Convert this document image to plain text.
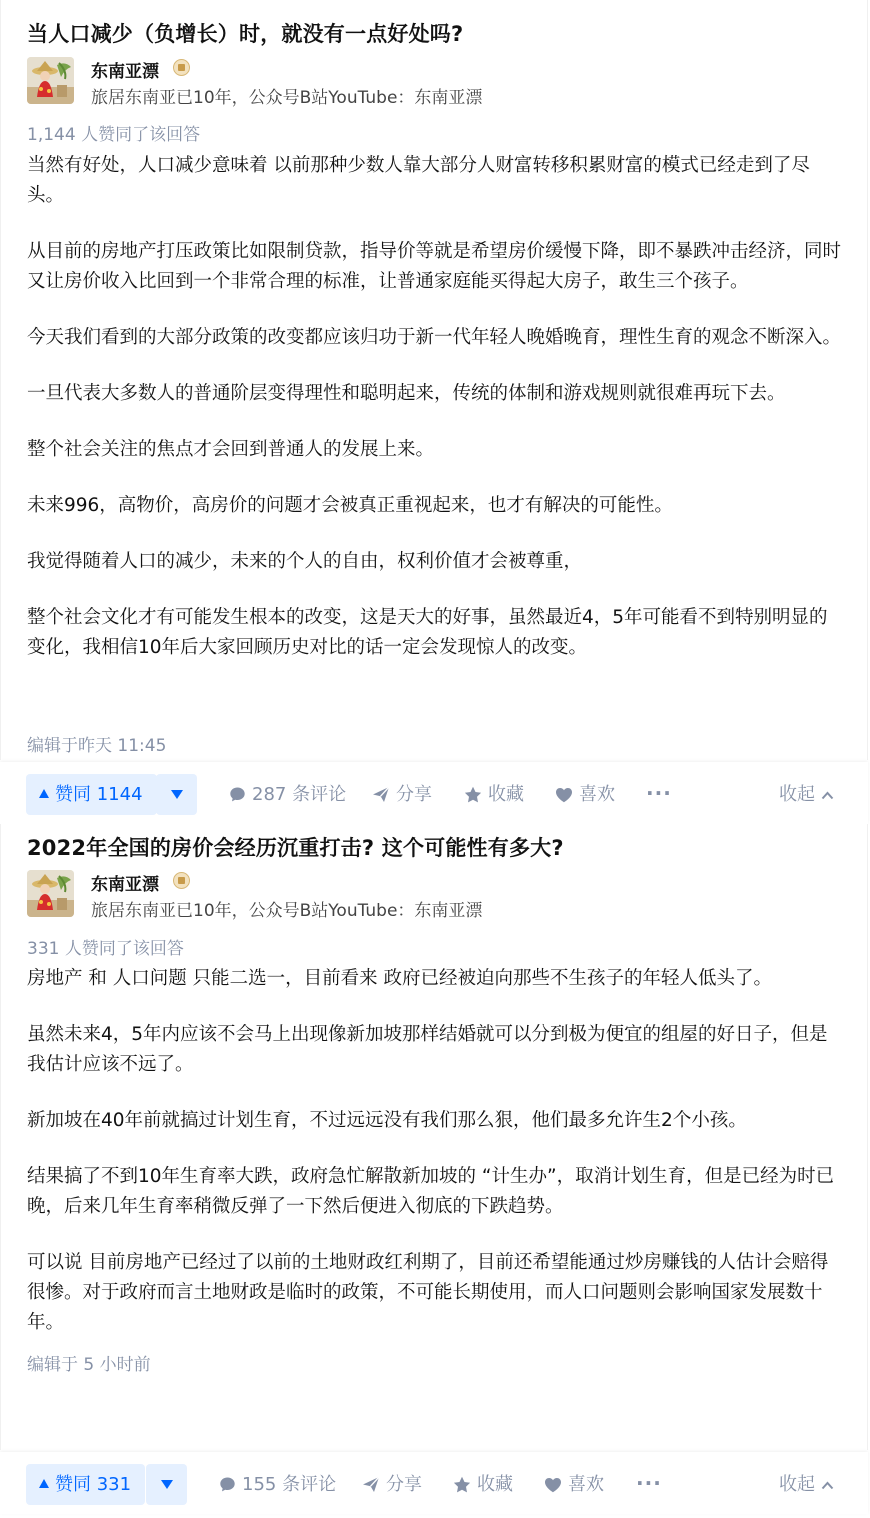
当人口减少（负增长）时，就没有一点好处吗?
东南亚漂
旅居东南亚已10年，公众号B站YouTube：东南亚漂
1,144 人赞同了该回答

当然有好处，人口减少意味着 以前那种少数人靠大部分人财富转移积累财富的模式已经走到了尽头。

从目前的房地产打压政策比如限制贷款，指导价等就是希望房价缓慢下降，即不暴跌冲击经济，同时又让房价收入比回到一个非常合理的标准，让普通家庭能买得起大房子，敢生三个孩子。

今天我们看到的大部分政策的改变都应该归功于新一代年轻人晚婚晚育，理性生育的观念不断深入。

一旦代表大多数人的普通阶层变得理性和聪明起来，传统的体制和游戏规则就很难再玩下去。

整个社会关注的焦点才会回到普通人的发展上来。

未来996，高物价，高房价的问题才会被真正重视起来，也才有解决的可能性。

我觉得随着人口的减少，未来的个人的自由，权利价值才会被尊重，

整个社会文化才有可能发生根本的改变，这是天大的好事，虽然最近4，5年可能看不到特别明显的变化，我相信10年后大家回顾历史对比的话一定会发现惊人的改变。

编辑于昨天 11:45
赞同 1144	287 条评论	分享	收藏	喜欢 ···	收起
2022年全国的房价会经历沉重打击? 这个可能性有多大?
东南亚漂
旅居东南亚已10年，公众号B站YouTube：东南亚漂
331 人赞同了该回答

房地产 和 人口问题 只能二选一，目前看来 政府已经被迫向那些不生孩子的年轻人低头了。

虽然未来4，5年内应该不会马上出现像新加坡那样结婚就可以分到极为便宜的组屋的好日子，但是我估计应该不远了。

新加坡在40年前就搞过计划生育，不过远远没有我们那么狠，他们最多允许生2个小孩。

结果搞了不到10年生育率大跌，政府急忙解散新加坡的 “计生办”，取消计划生育，但是已经为时已晚，后来几年生育率稍微反弹了一下然后便进入彻底的下跌趋势。

可以说 目前房地产已经过了以前的土地财政红利期了，目前还希望能通过炒房赚钱的人估计会赔得很惨。对于政府而言土地财政是临时的政策，不可能长期使用，而人口问题则会影响国家发展数十年。

编辑于 5 小时前
赞同 331	155 条评论	分享	收藏	喜欢 ···	收起
